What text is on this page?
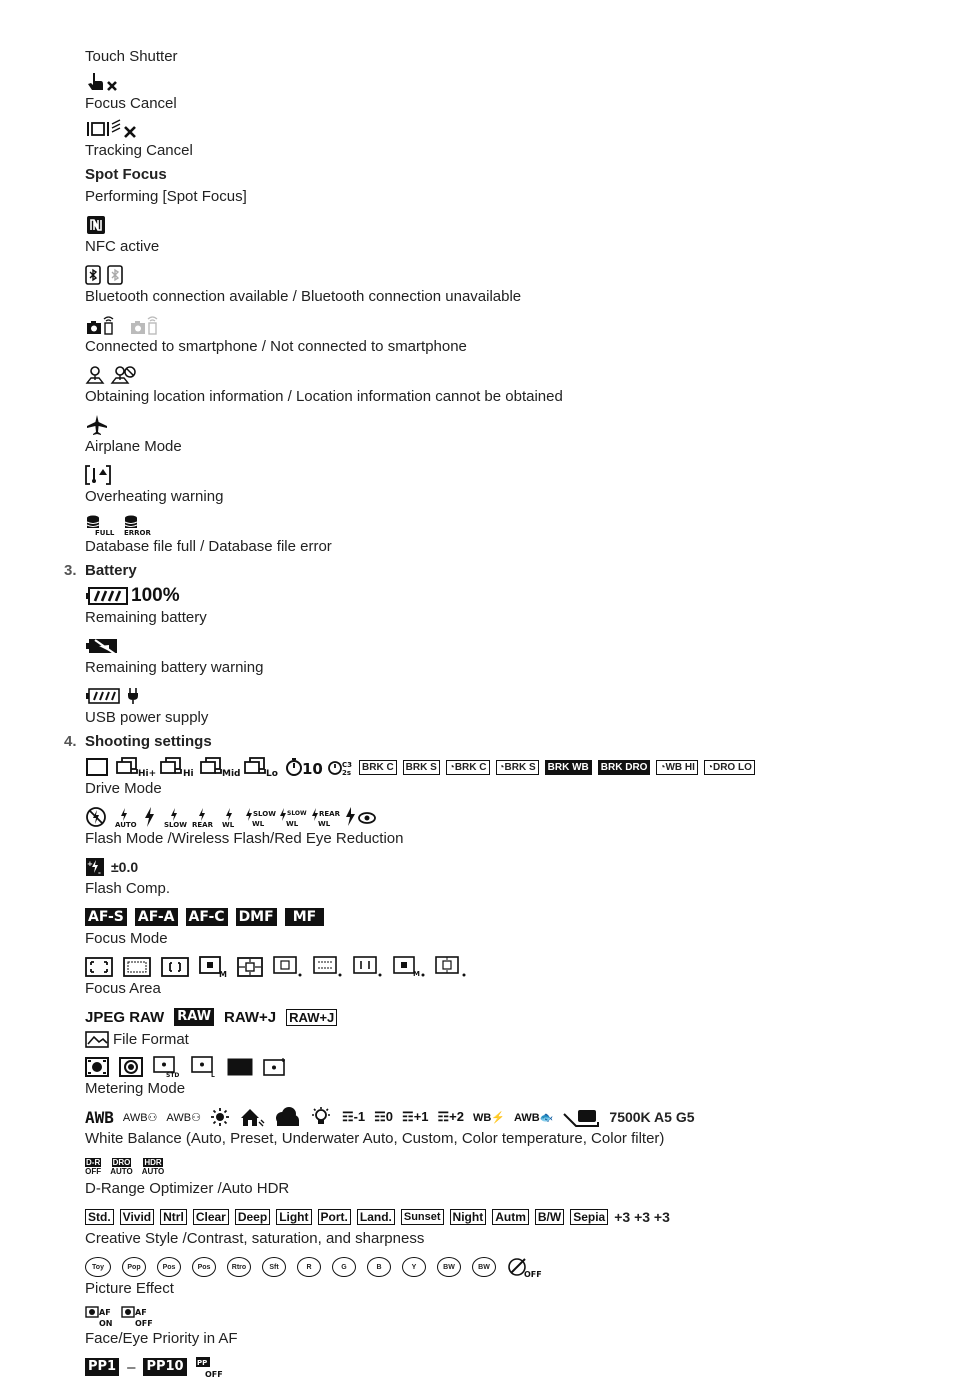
Touch Shutter
Focus Cancel
Tracking Cancel
Spot Focus
Performing [Spot Focus]
NFC active
Bluetooth connection available / Bluetooth connection unavailable
Connected to smartphone / Not connected to smartphone
Obtaining location information / Location information cannot be obtained
Airplane Mode
Overheating warning
FULL ERROR
Database file full / Database file error
3. Battery
100%
Remaining battery
Remaining battery warning
USB power supply
4. Shooting settings
Hi+	Hi	Mid	Lo 10	C3
2s
BRK C	BRK S	◔BRK C	◔BRK S	BRK WB	BRK DRO	◔WB HI	◔DRO LO
Drive Mode
AUTO	SLOW REAR WL
SLOW
WL
SLOW
WL
REAR
WL
Flash Mode /Wireless Flash/Red Eye Reduction
+
- ±0.0
Flash Comp.
AF-S AF-A AF-C DMF	MF
Focus Mode
M	M
Focus Area
JPEG
RAW RAW RAW+J RAW+J
File Format
STD	L
Metering Mode
AWB AWB⚇ AWB⚇	☶-1 ☶0 ☶+1 ☶+2 WB⚡ AWB🐟	7500K A5 G5
White Balance (Auto, Preset, Underwater Auto, Custom, Color temperature, Color filter)
D-R
OFF
DRO
AUTO
HDR
AUTO
D-Range Optimizer /Auto HDR
Std. Vivid Ntrl Clear Deep Light Port. Land. Sunset Night Autm B/W Sepia +3 +3 +3
Creative Style /Contrast, saturation, and sharpness
Toy	Pop	Pos	Pos	Rtro	Sft	R	G	B	Y	BW	BW
OFF
Picture Effect
AF
ON
AF
OFF
Face/Eye Priority in AF
PP1 – PP10	PP
OFF
